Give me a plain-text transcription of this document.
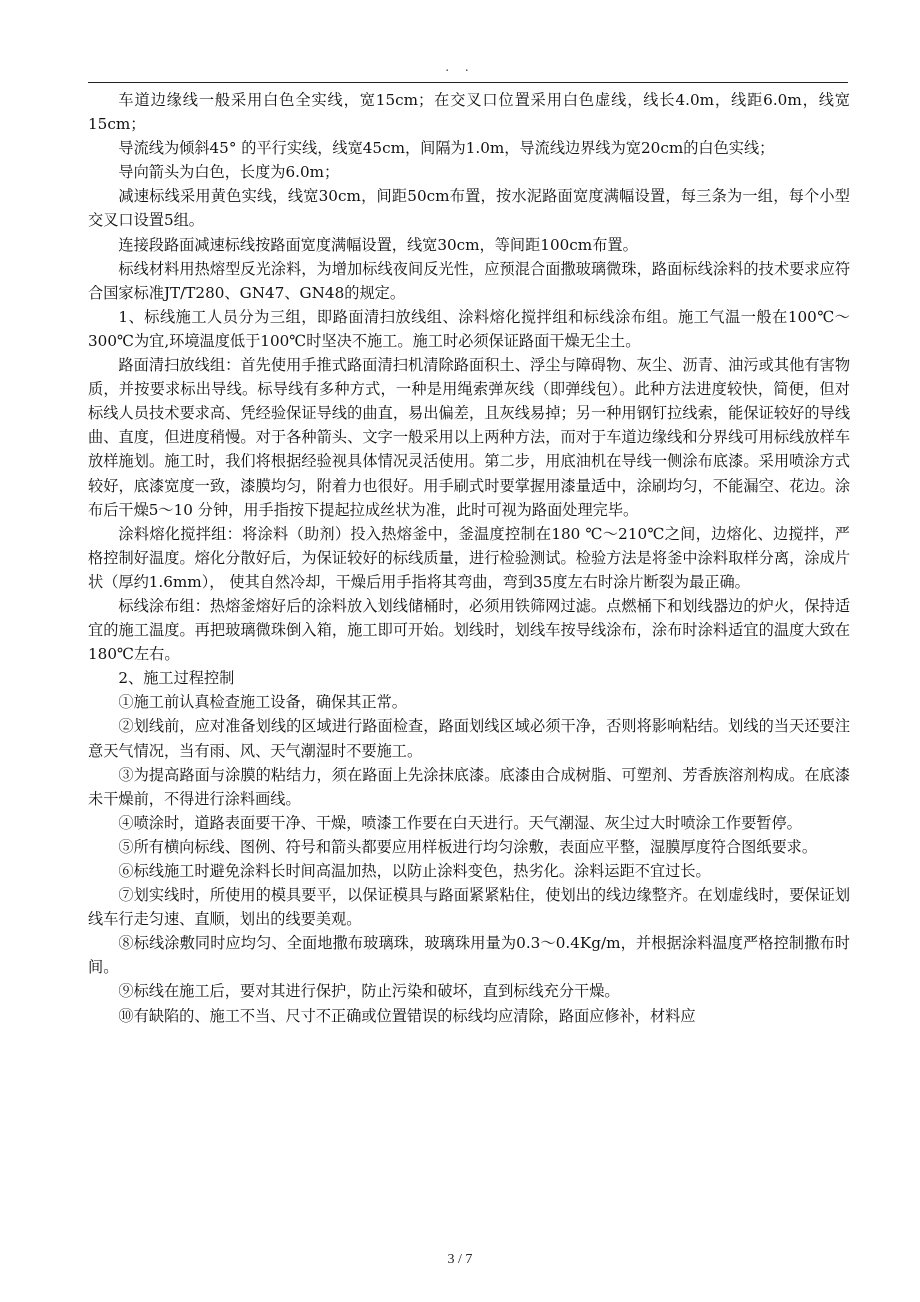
. .

车道边缘线一般采用白色全实线，宽15cm；在交叉口位置采用白色虚线，线长4.0m，线距6.0m，线宽15cm；

导流线为倾斜45° 的平行实线，线宽45cm，间隔为1.0m，导流线边界线为宽20cm的白色实线；

导向箭头为白色，长度为6.0m；

减速标线采用黄色实线，线宽30cm，间距50cm布置，按水泥路面宽度满幅设置，每三条为一组，每个小型交叉口设置5组。

连接段路面减速标线按路面宽度满幅设置，线宽30cm，等间距100cm布置。

标线材料用热熔型反光涂料，为增加标线夜间反光性，应预混合面撒玻璃微珠，路面标线涂料的技术要求应符合国家标准JT/T280、GN47、GN48的规定。

1、标线施工人员分为三组，即路面清扫放线组、涂料熔化搅拌组和标线涂布组。施工气温一般在100℃～300℃为宜,环境温度低于100℃时坚决不施工。施工时必须保证路面干燥无尘土。

路面清扫放线组：首先使用手推式路面清扫机清除路面积土、浮尘与障碍物、灰尘、沥青、油污或其他有害物质，并按要求标出导线。标导线有多种方式，一种是用绳索弹灰线（即弹线包）。此种方法进度较快，简便，但对标线人员技术要求高、凭经验保证导线的曲直，易出偏差，且灰线易掉；另一种用钢钉拉线索，能保证较好的导线曲、直度，但进度稍慢。对于各种箭头、文字一般采用以上两种方法，而对于车道边缘线和分界线可用标线放样车放样施划。施工时，我们将根据经验视具体情况灵活使用。第二步，用底油机在导线一侧涂布底漆。采用喷涂方式较好，底漆宽度一致，漆膜均匀，附着力也很好。用手刷式时要掌握用漆量适中，涂刷均匀，不能漏空、花边。涂布后干燥5～10 分钟，用手指按下提起拉成丝状为准，此时可视为路面处理完毕。

涂料熔化搅拌组：将涂料（助剂）投入热熔釜中，釜温度控制在180 ℃～210℃之间，边熔化、边搅拌，严格控制好温度。熔化分散好后，为保证较好的标线质量，进行检验测试。检验方法是将釜中涂料取样分离，涂成片状（厚约1.6mm）， 使其自然冷却，干燥后用手指将其弯曲，弯到35度左右时涂片断裂为最正确。

标线涂布组：热熔釜熔好后的涂料放入划线储桶时，必须用铁筛网过滤。点燃桶下和划线器边的炉火，保持适宜的施工温度。再把玻璃微珠倒入箱，施工即可开始。划线时，划线车按导线涂布，涂布时涂料适宜的温度大致在180℃左右。

2、施工过程控制

①施工前认真检查施工设备，确保其正常。

②划线前，应对准备划线的区域进行路面检查，路面划线区域必须干净，否则将影响粘结。划线的当天还要注意天气情况，当有雨、风、天气潮湿时不要施工。

③为提高路面与涂膜的粘结力，须在路面上先涂抹底漆。底漆由合成树脂、可塑剂、芳香族溶剂构成。在底漆未干燥前，不得进行涂料画线。

④喷涂时，道路表面要干净、干燥，喷漆工作要在白天进行。天气潮湿、灰尘过大时喷涂工作要暂停。

⑤所有横向标线、图例、符号和箭头都要应用样板进行均匀涂敷，表面应平整，湿膜厚度符合图纸要求。

⑥标线施工时避免涂料长时间高温加热，以防止涂料变色，热劣化。涂料运距不宜过长。

⑦划实线时，所使用的模具要平，以保证模具与路面紧紧粘住，使划出的线边缘整齐。在划虚线时，要保证划线车行走匀速、直顺，划出的线要美观。

⑧标线涂敷同时应均匀、全面地撒布玻璃珠，玻璃珠用量为0.3～0.4Kg/m，并根据涂料温度严格控制撒布时间。

⑨标线在施工后，要对其进行保护，防止污染和破坏，直到标线充分干燥。

⑩有缺陷的、施工不当、尺寸不正确或位置错误的标线均应清除，路面应修补，材料应

3 / 7
